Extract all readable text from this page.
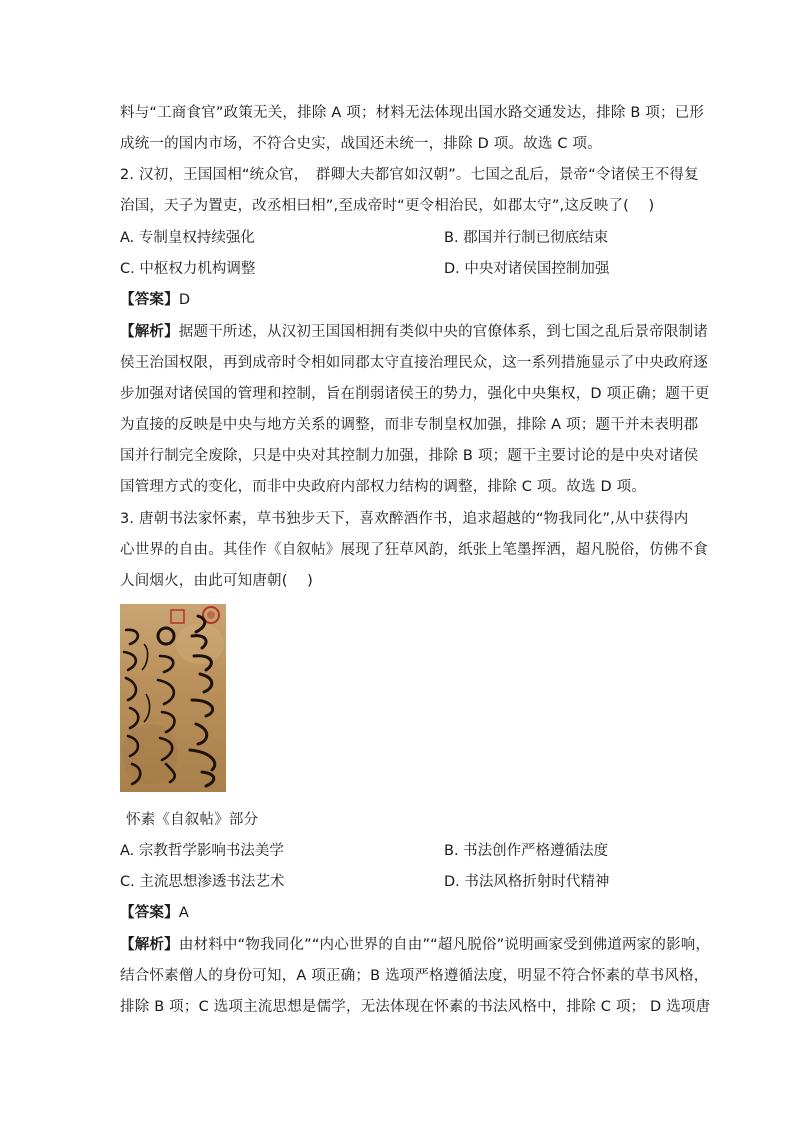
料与“工商食官”政策无关，排除 A 项；材料无法体现出国水路交通发达，排除 B 项；已形
成统一的国内市场，不符合史实，战国还未统一，排除 D 项。故选 C 项。
2. 汉初，王国国相“统众官，　群卿大夫都官如汉朝”。七国之乱后，景帝“令诸侯王不得复
治国，天子为置吏，改丞相曰相”,至成帝时“更令相治民，如郡太守”,这反映了(　 )
A. 专制皇权持续强化	B. 郡国并行制已彻底结束
C. 中枢权力机构调整	D. 中央对诸侯国控制加强
【答案】D
【解析】据题干所述，从汉初王国国相拥有类似中央的官僚体系，到七国之乱后景帝限制诸
侯王治国权限，再到成帝时令相如同郡太守直接治理民众，这一系列措施显示了中央政府逐
步加强对诸侯国的管理和控制，旨在削弱诸侯王的势力，强化中央集权，D 项正确；题干更
为直接的反映是中央与地方关系的调整，而非专制皇权加强，排除 A 项；题干并未表明郡
国并行制完全废除，只是中央对其控制力加强，排除 B 项；题干主要讨论的是中央对诸侯
国管理方式的变化，而非中央政府内部权力结构的调整，排除 C 项。故选 D 项。
3. 唐朝书法家怀素，草书独步天下，喜欢醉酒作书，追求超越的“物我同化”,从中获得内
心世界的自由。其佳作《自叙帖》展现了狂草风韵，纸张上笔墨挥洒，超凡脱俗，仿佛不食
人间烟火，由此可知唐朝(　 )
怀素《自叙帖》部分
A. 宗教哲学影响书法美学	B. 书法创作严格遵循法度
C. 主流思想渗透书法艺术	D. 书法风格折射时代精神
【答案】A
【解析】由材料中“物我同化”“内心世界的自由”“超凡脱俗”说明画家受到佛道两家的影响，
结合怀素僧人的身份可知，A 项正确；B 选项严格遵循法度，明显不符合怀素的草书风格，
排除 B 项；C 选项主流思想是儒学，无法体现在怀素的书法风格中，排除 C 项； D 选项唐
